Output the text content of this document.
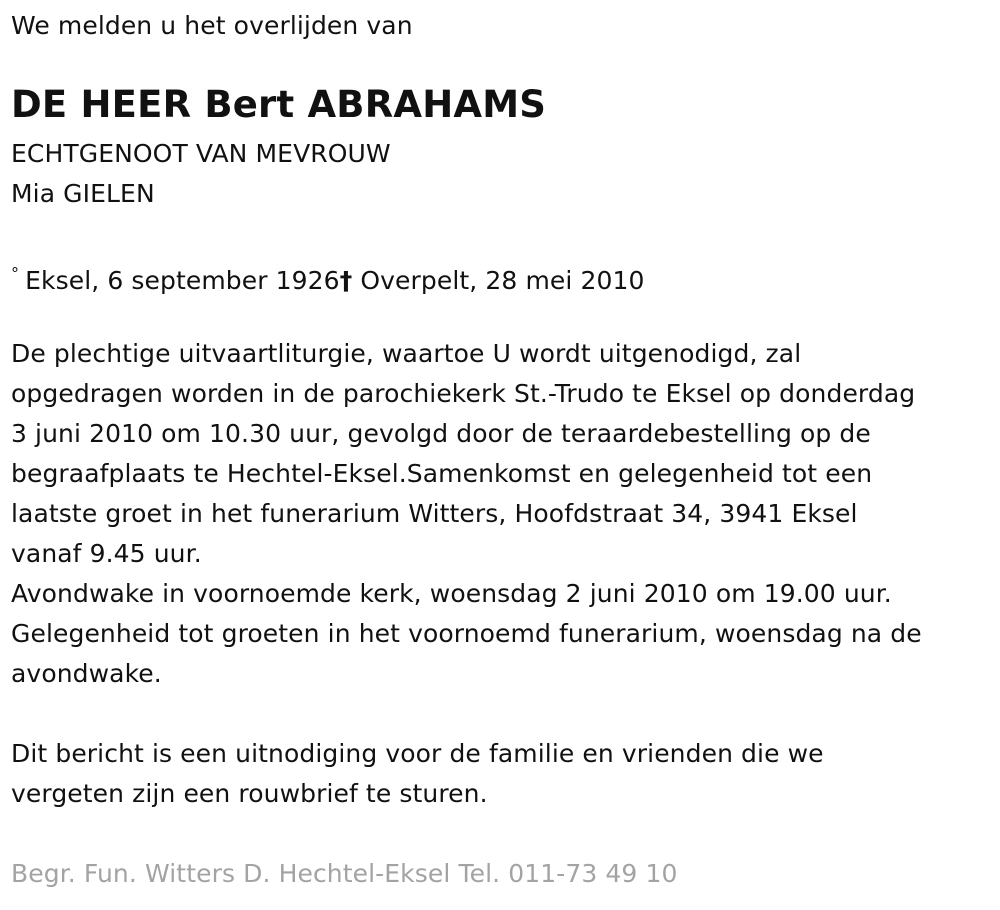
We melden u het overlijden van
DE HEER Bert ABRAHAMS
ECHTGENOOT VAN MEVROUW
Mia GIELEN
° Eksel, 6 september 1926† Overpelt, 28 mei 2010
De plechtige uitvaartliturgie, waartoe U wordt uitgenodigd, zal
opgedragen worden in de parochiekerk St.-Trudo te Eksel op donderdag
3 juni 2010 om 10.30 uur, gevolgd door de teraardebestelling op de
begraafplaats te Hechtel-Eksel.Samenkomst en gelegenheid tot een
laatste groet in het funerarium Witters, Hoofdstraat 34, 3941 Eksel
vanaf 9.45 uur.
Avondwake in voornoemde kerk, woensdag 2 juni 2010 om 19.00 uur.
Gelegenheid tot groeten in het voornoemd funerarium, woensdag na de
avondwake.
Dit bericht is een uitnodiging voor de familie en vrienden die we
vergeten zijn een rouwbrief te sturen.
Begr. Fun. Witters D. Hechtel-Eksel Tel. 011-73 49 10
